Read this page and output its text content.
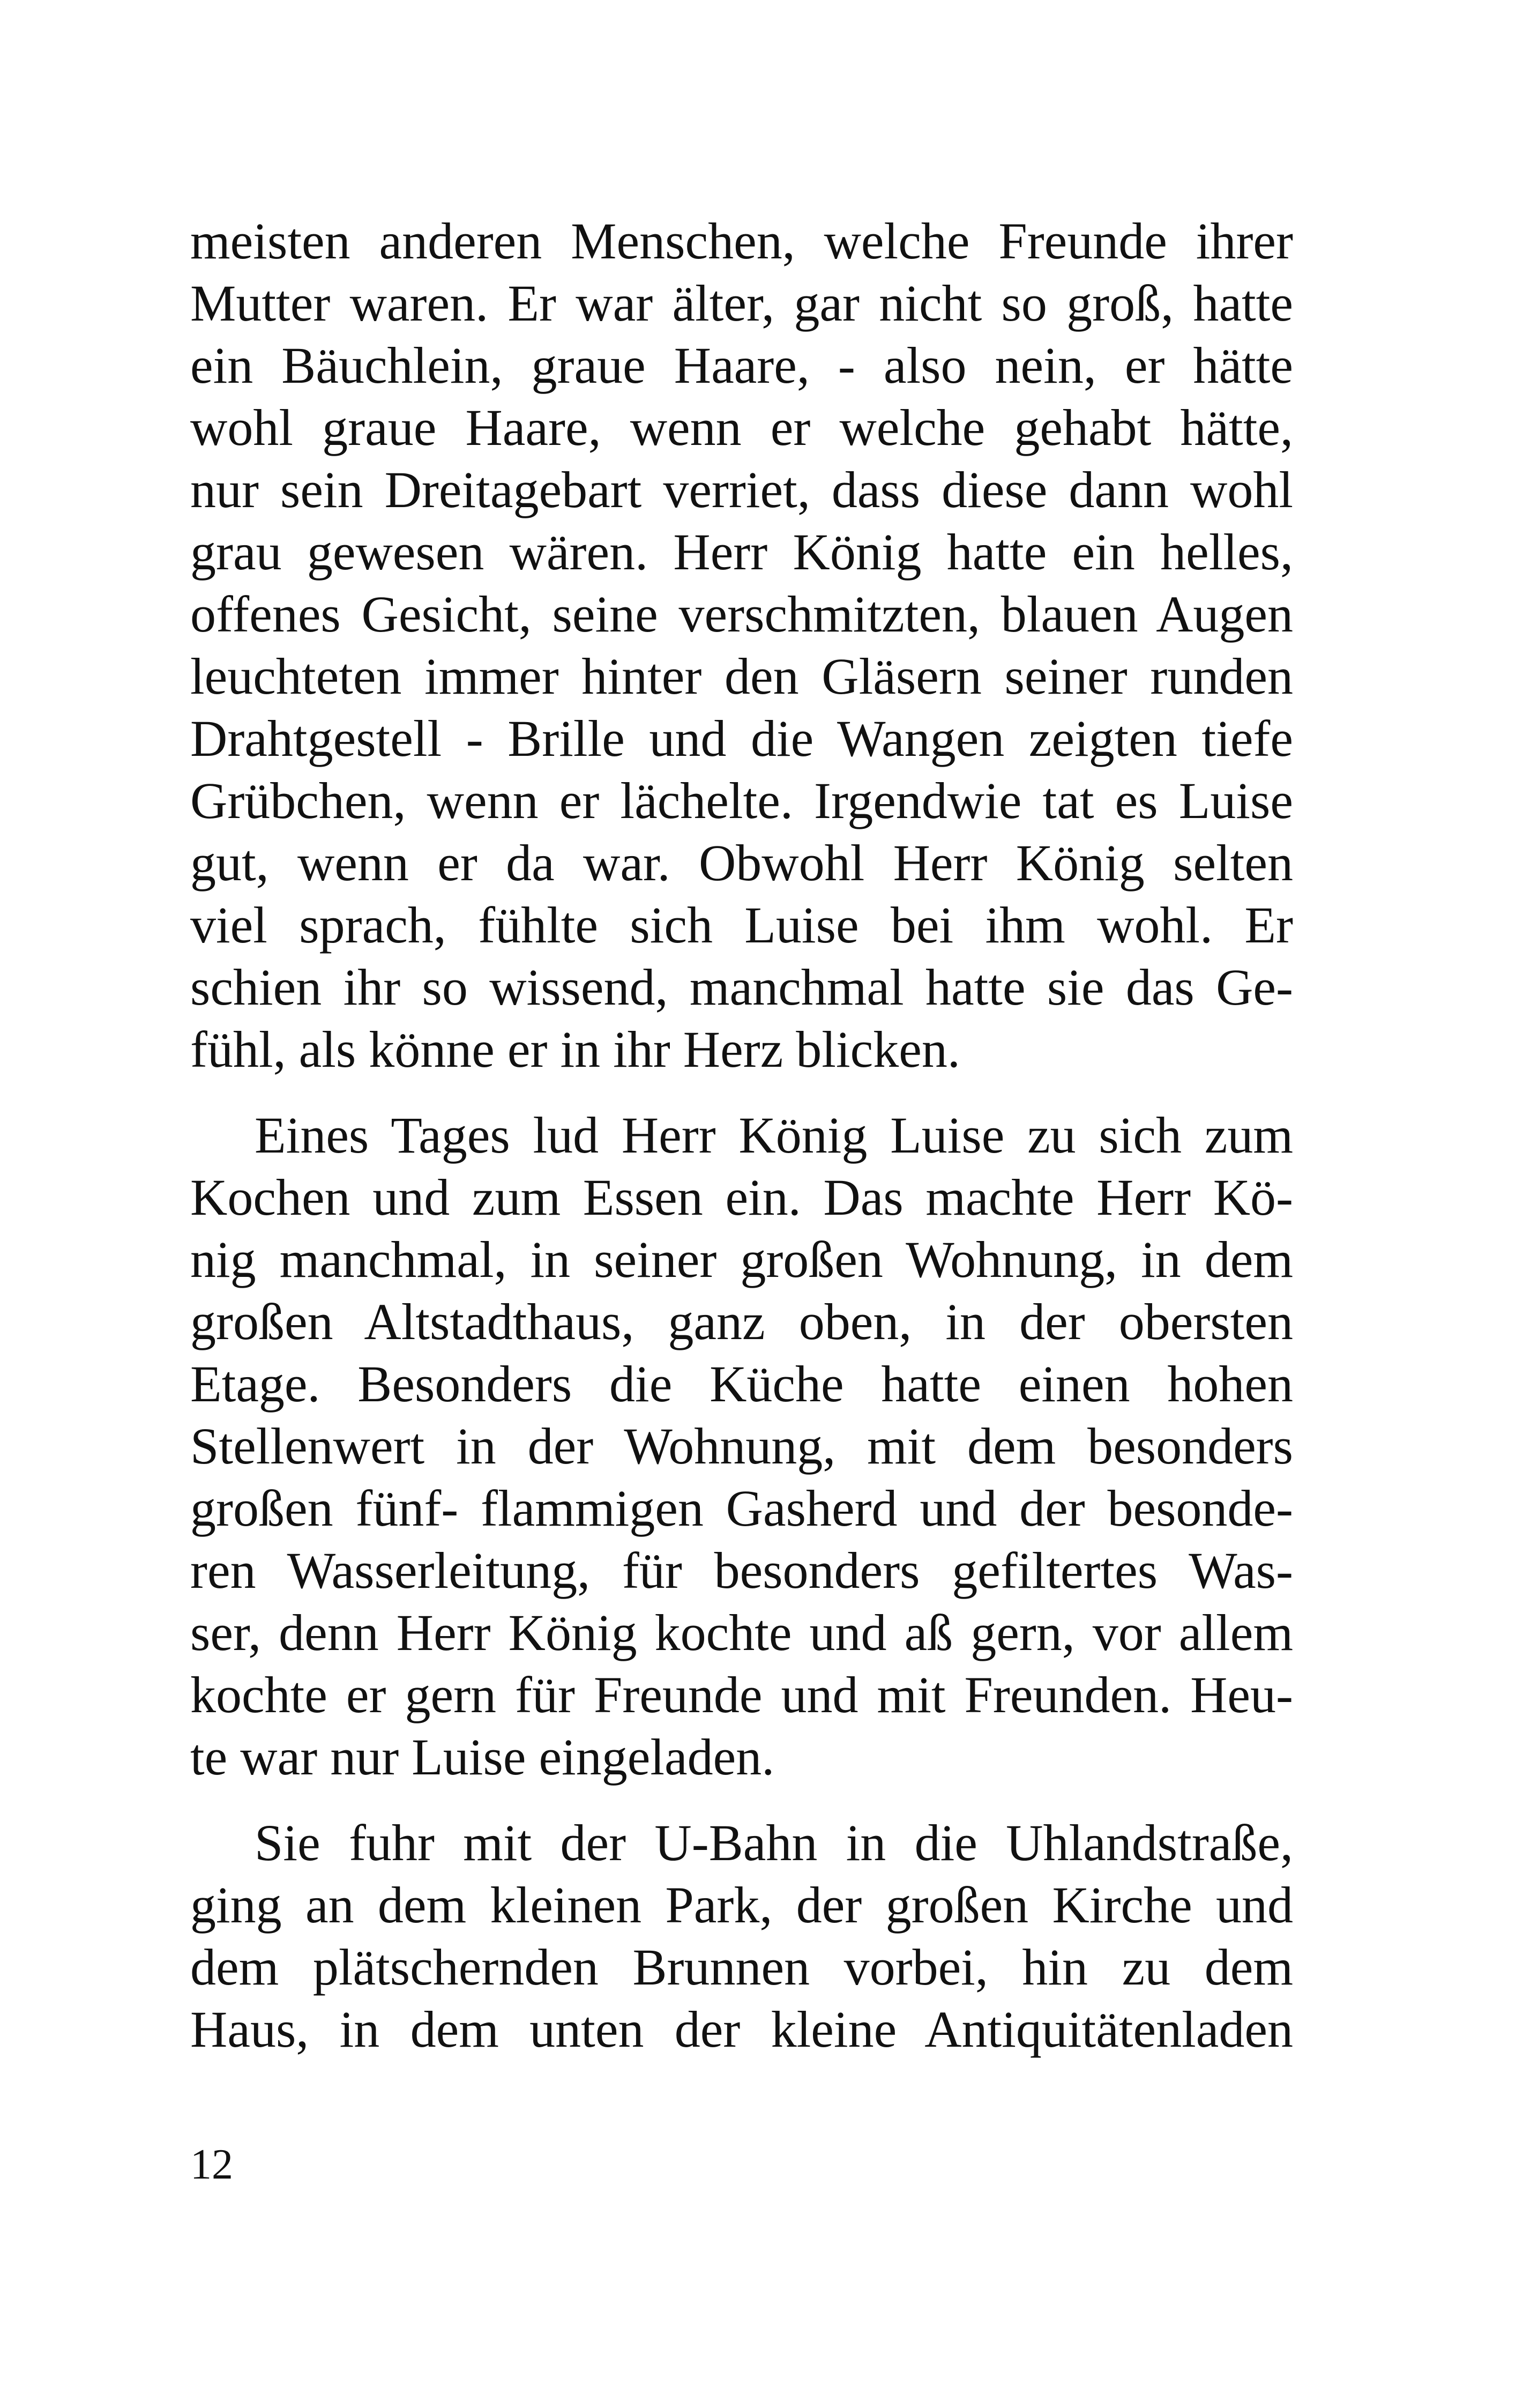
meisten anderen Menschen, welche Freunde ihrer
Mutter waren. Er war älter, gar nicht so groß, hatte
ein Bäuchlein, graue Haare, - also nein, er hätte
wohl graue Haare, wenn er welche gehabt hätte,
nur sein Dreitagebart verriet, dass diese dann wohl
grau gewesen wären. Herr König hatte ein helles,
offenes Gesicht, seine verschmitzten, blauen Augen
leuchteten immer hinter den Gläsern seiner runden
Drahtgestell - Brille und die Wangen zeigten tiefe
Grübchen, wenn er lächelte. Irgendwie tat es Luise
gut, wenn er da war. Obwohl Herr König selten
viel sprach, fühlte sich Luise bei ihm wohl. Er
schien ihr so wissend, manchmal hatte sie das Ge-
fühl, als könne er in ihr Herz blicken.
Eines Tages lud Herr König Luise zu sich zum
Kochen und zum Essen ein. Das machte Herr Kö-
nig manchmal, in seiner großen Wohnung, in dem
großen Altstadthaus, ganz oben, in der obersten
Etage. Besonders die Küche hatte einen hohen
Stellenwert in der Wohnung, mit dem besonders
großen fünf- flammigen Gasherd und der besonde-
ren Wasserleitung, für besonders gefiltertes Was-
ser, denn Herr König kochte und aß gern, vor allem
kochte er gern für Freunde und mit Freunden. Heu-
te war nur Luise eingeladen.
Sie fuhr mit der U-Bahn in die Uhlandstraße,
ging an dem kleinen Park, der großen Kirche und
dem plätschernden Brunnen vorbei, hin zu dem
Haus, in dem unten der kleine Antiquitätenladen
12
